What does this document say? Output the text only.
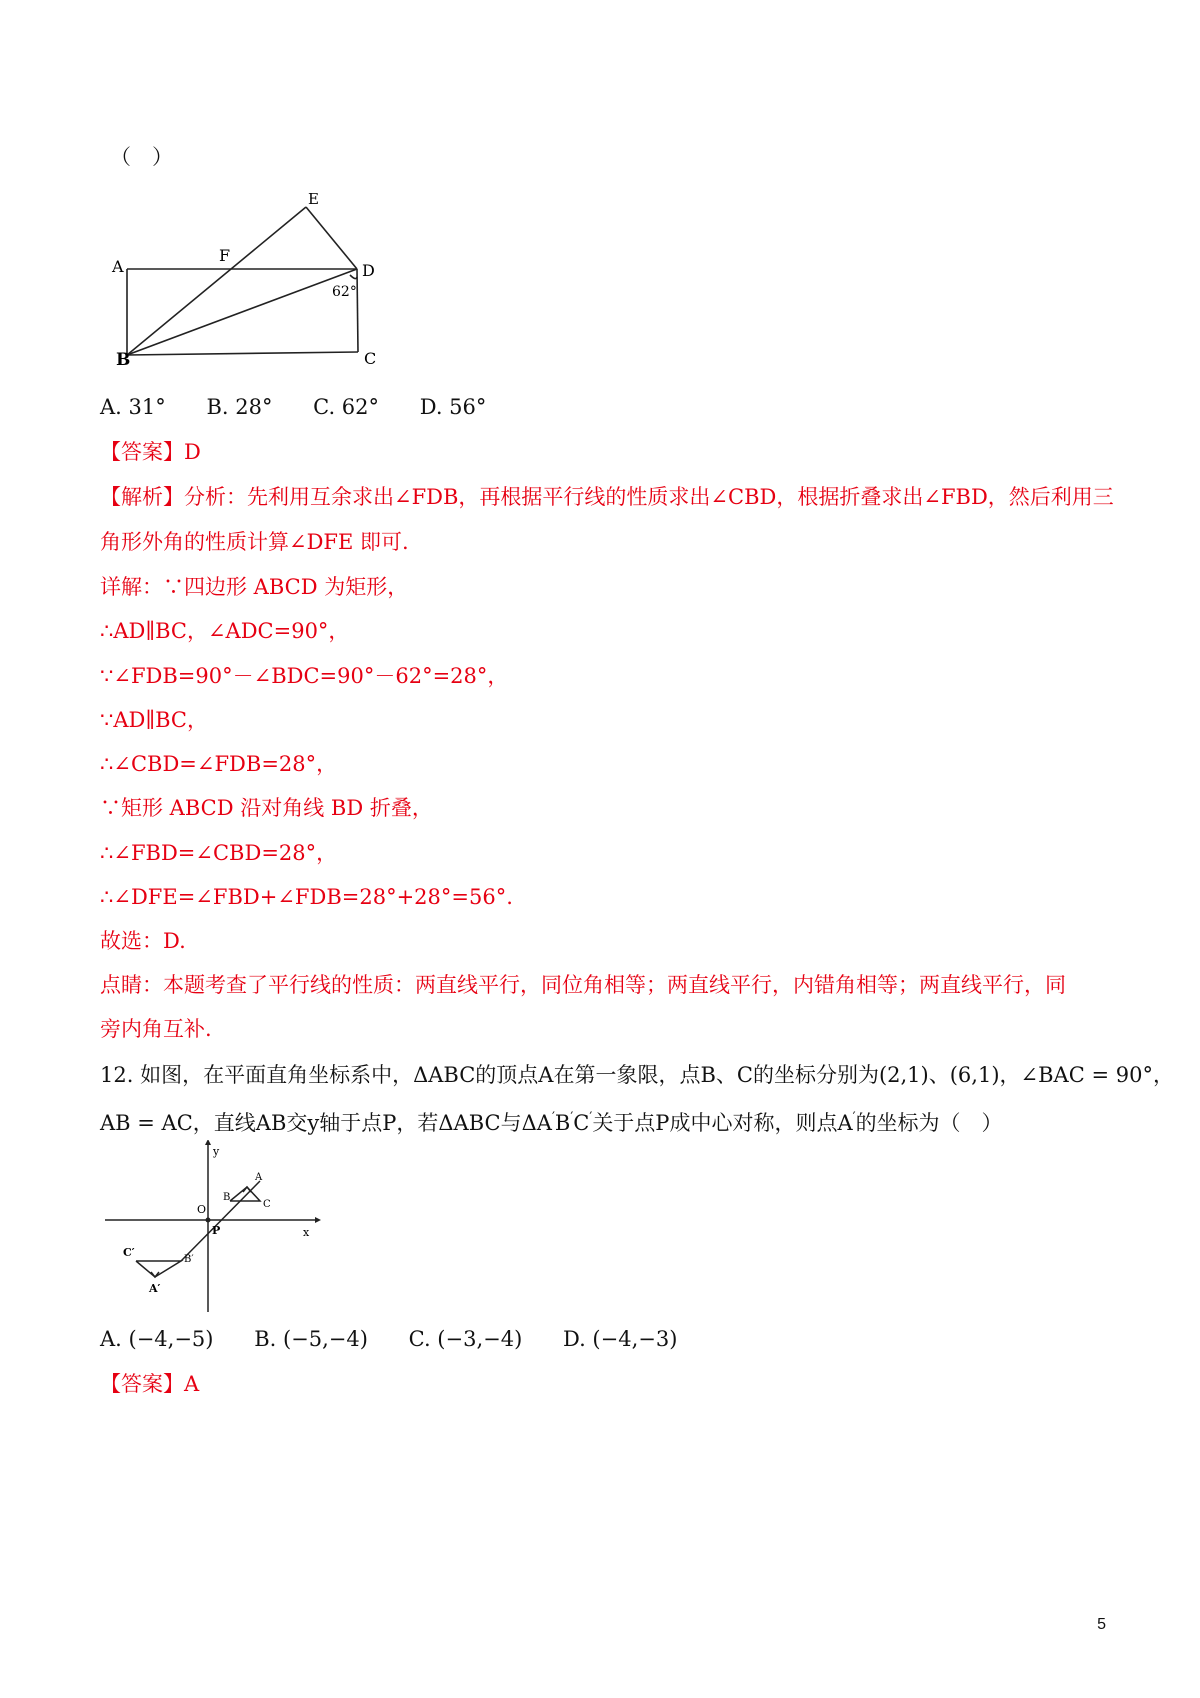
（　）
A
F
E
D
B	C
62°
A. 31° B. 28° C. 62° D. 56°
【答案】D
【解析】分析：先利用互余求出∠FDB，再根据平行线的性质求出∠CBD，根据折叠求出∠FBD，然后利用三
角形外角的性质计算∠DFE 即可.
详解：∵四边形 ABCD 为矩形，
∴AD∥BC，∠ADC=90°，
∵∠FDB=90°－∠BDC=90°－62°=28°，
∵AD∥BC，
∴∠CBD=∠FDB=28°，
∵矩形 ABCD 沿对角线 BD 折叠，
∴∠FBD=∠CBD=28°，
∴∠DFE=∠FBD+∠FDB=28°+28°=56°.
故选：D.
点睛：本题考查了平行线的性质：两直线平行，同位角相等；两直线平行，内错角相等；两直线平行，同
旁内角互补.
12. 如图，在平面直角坐标系中，ΔABC的顶点A在第一象限，点B、C的坐标分别为(2,1)、(6,1)，∠BAC = 90°，
AB = AC，直线AB交y轴于点P，若ΔABC与ΔA′B′C′关于点P成中心对称，则点A′的坐标为（　）
y
x
O
P
A
B
C
A′
B′
C′
A. (−4,−5) B. (−5,−4) C. (−3,−4) D. (−4,−3)
【答案】A
5
